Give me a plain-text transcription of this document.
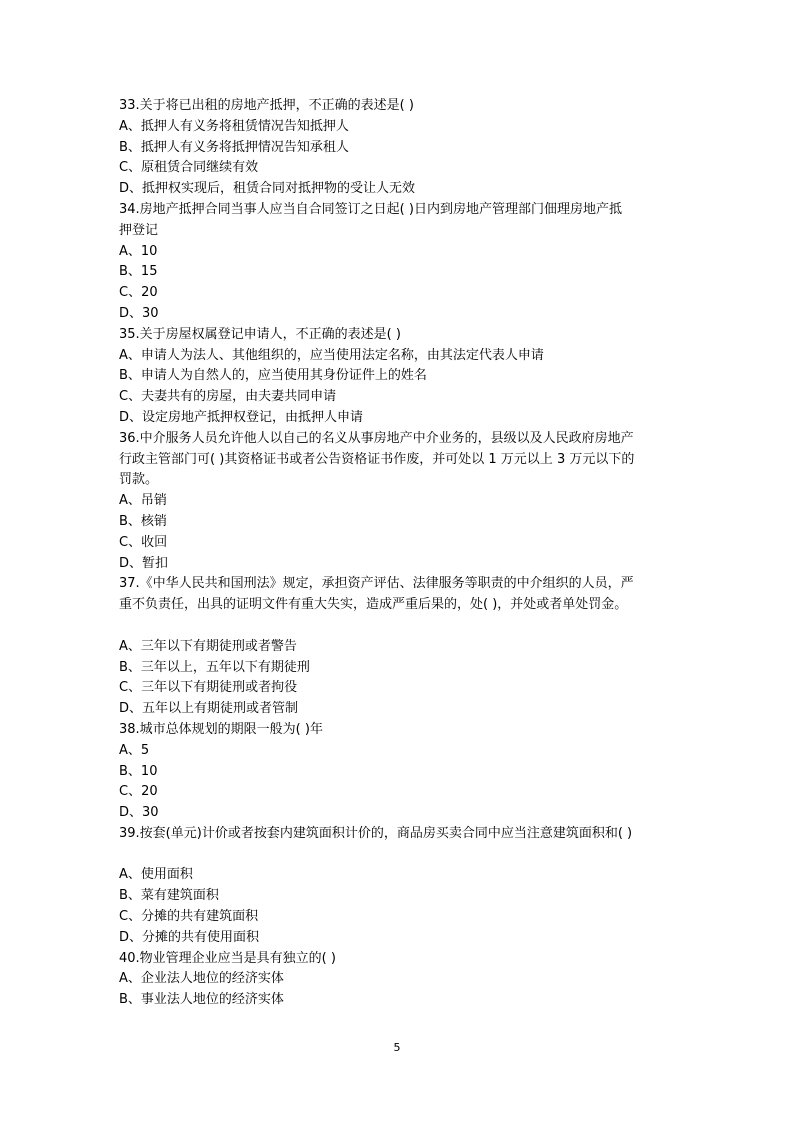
33.关于将已出租的房地产抵押，不正确的表述是( )

A、抵押人有义务将租赁情况告知抵押人

B、抵押人有义务将抵押情况告知承租人

C、原租赁合同继续有效

D、抵押权实现后，租赁合同对抵押物的受让人无效

34.房地产抵押合同当事人应当自合同签订之日起( )日内到房地产管理部门佃理房地产抵

押登记

A、10

B、15

C、20

D、30

35.关于房屋权属登记申请人，不正确的表述是( )

A、申请人为法人、其他组织的，应当使用法定名称，由其法定代表人申请

B、申请人为自然人的，应当使用其身份证件上的姓名

C、夫妻共有的房屋，由夫妻共同申请

D、设定房地产抵押权登记，由抵押人申请

36.中介服务人员允许他人以自己的名义从事房地产中介业务的，县级以及人民政府房地产

行政主管部门可( )其资格证书或者公告资格证书作废，并可处以 1 万元以上 3 万元以下的

罚款。

A、吊销

B、核销

C、收回

D、暂扣

37.《中华人民共和国刑法》规定，承担资产评估、法律服务等职责的中介组织的人员，严

重不负责任，出具的证明文件有重大失实，造成严重后果的，处( )，并处或者单处罚金。

A、三年以下有期徒刑或者警告

B、三年以上，五年以下有期徒刑

C、三年以下有期徒刑或者拘役

D、五年以上有期徒刑或者管制

38.城市总体规划的期限一般为( )年

A、5

B、10

C、20

D、30

39.按套(单元)计价或者按套内建筑面积计价的，商品房买卖合同中应当注意建筑面积和( )

A、使用面积

B、菜有建筑面积

C、分摊的共有建筑面积

D、分摊的共有使用面积

40.物业管理企业应当是具有独立的( )

A、企业法人地位的经济实体

B、事业法人地位的经济实体

5
